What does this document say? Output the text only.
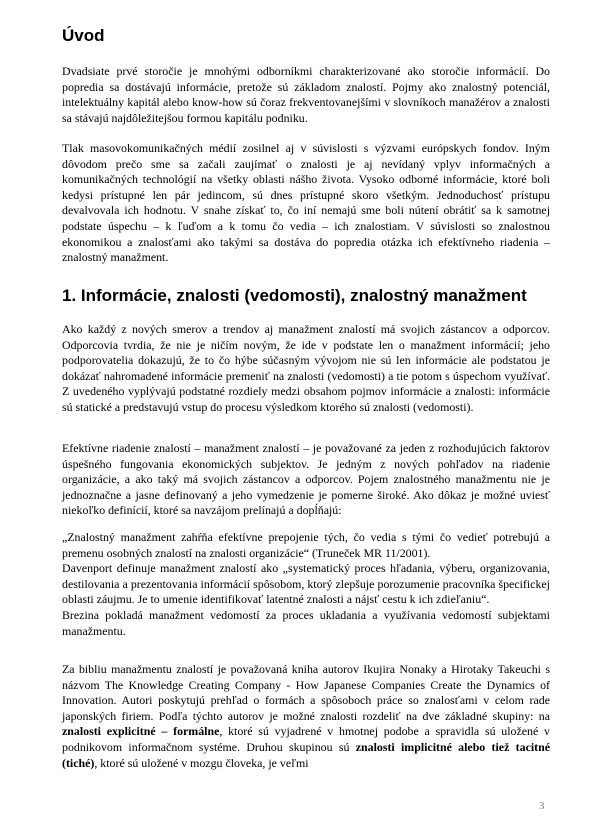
Úvod

Dvadsiate prvé storočie je mnohými odborníkmi charakterizované ako storočie informácií. Do popredia sa dostávajú informácie, pretože sú základom znalostí. Pojmy ako znalostný potenciál, intelektuálny kapitál alebo know-how sú čoraz frekventovanejšími v slovníkoch manažérov a znalosti sa stávajú najdôležitejšou formou kapitálu podniku.

Tlak masovokomunikačných médií zosilnel aj v súvislosti s výzvami európskych fondov. Iným dôvodom prečo sme sa začali zaujímať o znalosti je aj nevídaný vplyv informačných a komunikačných technológií na všetky oblasti nášho života. Vysoko odborné informácie, ktoré boli kedysi prístupné len pár jedincom, sú dnes prístupné skoro všetkým. Jednoduchosť prístupu devalvovala ich hodnotu. V snahe získať to, čo iní nemajú sme boli nútení obrátiť sa k samotnej podstate úspechu – k ľuďom a k tomu čo vedia – ich znalostiam. V súvislosti so znalostnou ekonomikou a znalosťami ako takými sa dostáva do popredia otázka ich efektívneho riadenia – znalostný manažment.

1. Informácie, znalosti (vedomosti), znalostný manažment

Ako každý z nových smerov a trendov aj manažment znalostí má svojich zástancov a odporcov. Odporcovia tvrdia, že nie je ničím novým, že ide v podstate len o manažment informácií; jeho podporovatelia dokazujú, že to čo hýbe súčasným vývojom nie sú len informácie ale podstatou je dokázať nahromadené informácie premeniť na znalosti (vedomosti) a tie potom s úspechom využívať. Z uvedeného vyplývajú podstatné rozdiely medzi obsahom pojmov informácie a znalosti: informácie sú statické a predstavujú vstup do procesu výsledkom ktorého sú znalosti (vedomosti).

Efektívne riadenie znalostí – manažment znalostí – je považované za jeden z rozhodujúcich faktorov úspešného fungovania ekonomických subjektov. Je jedným z nových pohľadov na riadenie organizácie, a ako taký má svojich zástancov a odporcov. Pojem znalostného manažmentu nie je jednoznačne a jasne definovaný a jeho vymedzenie je pomerne široké. Ako dôkaz je možné uviesť niekoľko definícií, ktoré sa navzájom prelínajú a dopĺňajú:

„Znalostný manažment zahŕňa efektívne prepojenie tých, čo vedia s tými čo vedieť potrebujú a premenu osobných znalostí na znalosti organizácie“ (Truneček MR 11/2001).

Davenport definuje manažment znalostí ako „systematický proces hľadania, výberu, organizovania, destilovania a prezentovania informácií spôsobom, ktorý zlepšuje porozumenie pracovníka špecifickej oblasti záujmu. Je to umenie identifikovať latentné znalosti a nájsť cestu k ich zdieľaniu“.

Brezina pokladá manažment vedomostí za proces ukladania a využívania vedomostí subjektami manažmentu.

Za bibliu manažmentu znalostí je považovaná kniha autorov Ikujira Nonaky a Hirotaky Takeuchi s názvom The Knowledge Creating Company - How Japanese Companies Create the Dynamics of Innovation. Autori poskytujú prehľad o formách a spôsoboch práce so znalosťami v celom rade japonských firiem. Podľa týchto autorov je možné znalosti rozdeliť na dve základné skupiny: na znalosti explicitné – formálne, ktoré sú vyjadrené v hmotnej podobe a spravidla sú uložené v podnikovom informačnom systéme. Druhou skupinou sú znalosti implicitné alebo tiež tacitné (tiché), ktoré sú uložené v mozgu človeka, je veľmi

3
